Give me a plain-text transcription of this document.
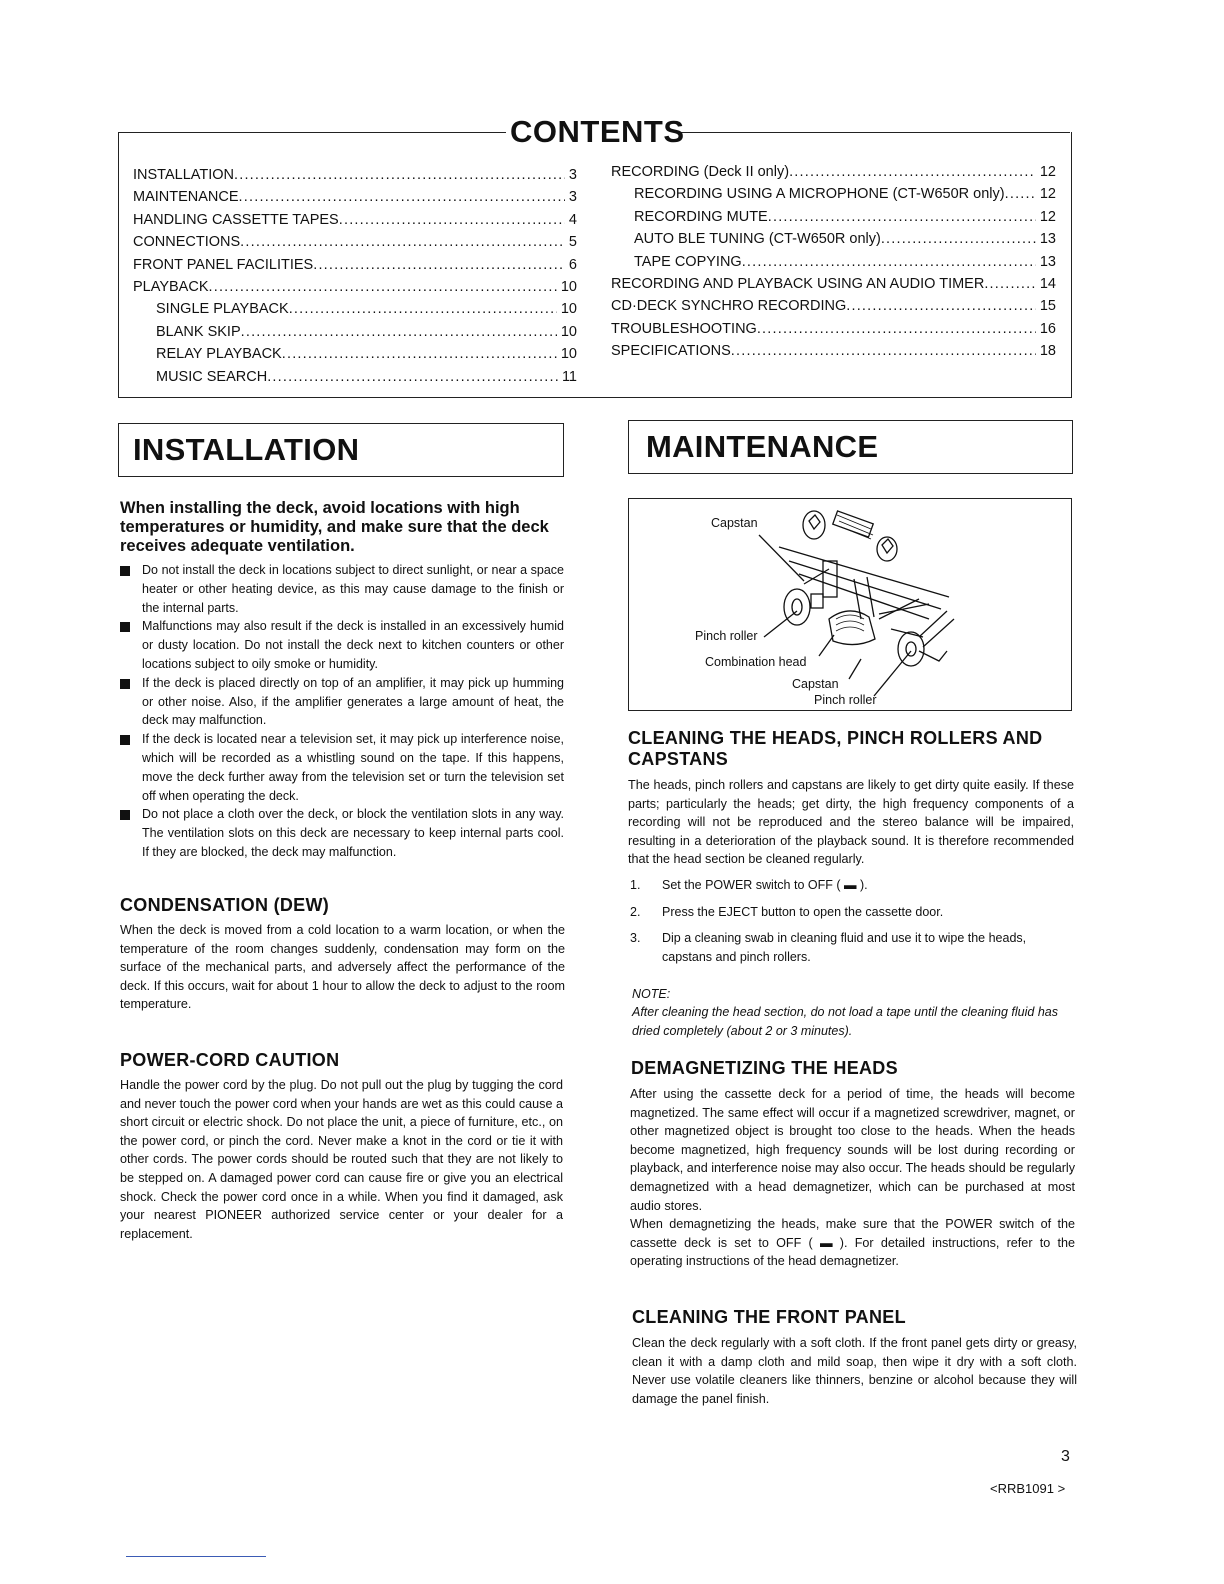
CONTENTS
INSTALLATION .....	3
MAINTENANCE .....	3
HANDLING CASSETTE TAPES .....	4
CONNECTIONS .....	5
FRONT PANEL FACILITIES .....	6
PLAYBACK .....	10
SINGLE PLAYBACK .....	10
BLANK SKIP .....	10
RELAY PLAYBACK .....	10
MUSIC SEARCH .....	11
RECORDING (Deck II only) .....	12
RECORDING USING A MICROPHONE (CT-W650R only) ..... 12
RECORDING MUTE .....	12
AUTO BLE TUNING (CT-W650R only) .....	13
TAPE COPYING .....	13
RECORDING AND PLAYBACK USING AN AUDIO TIMER .....	14
CD·DECK SYNCHRO RECORDING .....	15
TROUBLESHOOTING .....	16
SPECIFICATIONS .....	18
INSTALLATION
When installing the deck, avoid locations with high temperatures or humidity, and make sure that the deck receives adequate ventilation.
Do not install the deck in locations subject to direct sunlight, or near a space heater or other heating device, as this may cause damage to the finish or the internal parts.
Malfunctions may also result if the deck is installed in an excessively humid or dusty location. Do not install the deck next to kitchen counters or other locations subject to oily smoke or humidity.
If the deck is placed directly on top of an amplifier, it may pick up humming or other noise. Also, if the amplifier generates a large amount of heat, the deck may malfunction.
If the deck is located near a television set, it may pick up interference noise, which will be recorded as a whistling sound on the tape. If this happens, move the deck further away from the television set or turn the television set off when operating the deck.
Do not place a cloth over the deck, or block the ventilation slots in any way. The ventilation slots on this deck are necessary to keep internal parts cool. If they are blocked, the deck may malfunction.
CONDENSATION (DEW)
When the deck is moved from a cold location to a warm location, or when the temperature of the room changes suddenly, condensation may form on the surface of the mechanical parts, and adversely affect the performance of the deck. If this occurs, wait for about 1 hour to allow the deck to adjust to the room temperature.
POWER-CORD CAUTION
Handle the power cord by the plug. Do not pull out the plug by tugging the cord and never touch the power cord when your hands are wet as this could cause a short circuit or electric shock. Do not place the unit, a piece of furniture, etc., on the power cord, or pinch the cord. Never make a knot in the cord or tie it with other cords. The power cords should be routed such that they are not likely to be stepped on. A damaged power cord can cause fire or give you an electrical shock. Check the power cord once in a while. When you find it damaged, ask your nearest PIONEER authorized service center or your dealer for a replacement.
MAINTENANCE
Capstan
Pinch roller
Combination head
Capstan
Pinch roller
CLEANING THE HEADS, PINCH ROLLERS AND CAPSTANS
The heads, pinch rollers and capstans are likely to get dirty quite easily. If these parts; particularly the heads; get dirty, the high frequency components of a recording will not be reproduced and the stereo balance will be impaired, resulting in a deterioration of the playback sound. It is therefore recommended that the head section be cleaned regularly.
1.	Set the POWER switch to OFF ( ▬ ).
2.	Press the EJECT button to open the cassette door.
3.	Dip a cleaning swab in cleaning fluid and use it to wipe the heads, capstans and pinch rollers.
NOTE:
After cleaning the head section, do not load a tape until the cleaning fluid has dried completely (about 2 or 3 minutes).
DEMAGNETIZING THE HEADS
After using the cassette deck for a period of time, the heads will become magnetized. The same effect will occur if a magnetized screwdriver, magnet, or other magnetized object is brought too close to the heads. When the heads become magnetized, high frequency sounds will be lost during recording or playback, and interference noise may also occur. The heads should be regularly demagnetized with a head demagnetizer, which can be purchased at most audio stores.
When demagnetizing the heads, make sure that the POWER switch of the cassette deck is set to OFF ( ▬ ). For detailed instructions, refer to the operating instructions of the head demagnetizer.
CLEANING THE FRONT PANEL
Clean the deck regularly with a soft cloth. If the front panel gets dirty or greasy, clean it with a damp cloth and mild soap, then wipe it dry with a soft cloth. Never use volatile cleaners like thinners, benzine or alcohol because they will damage the panel finish.
3
<RRB1091 >
